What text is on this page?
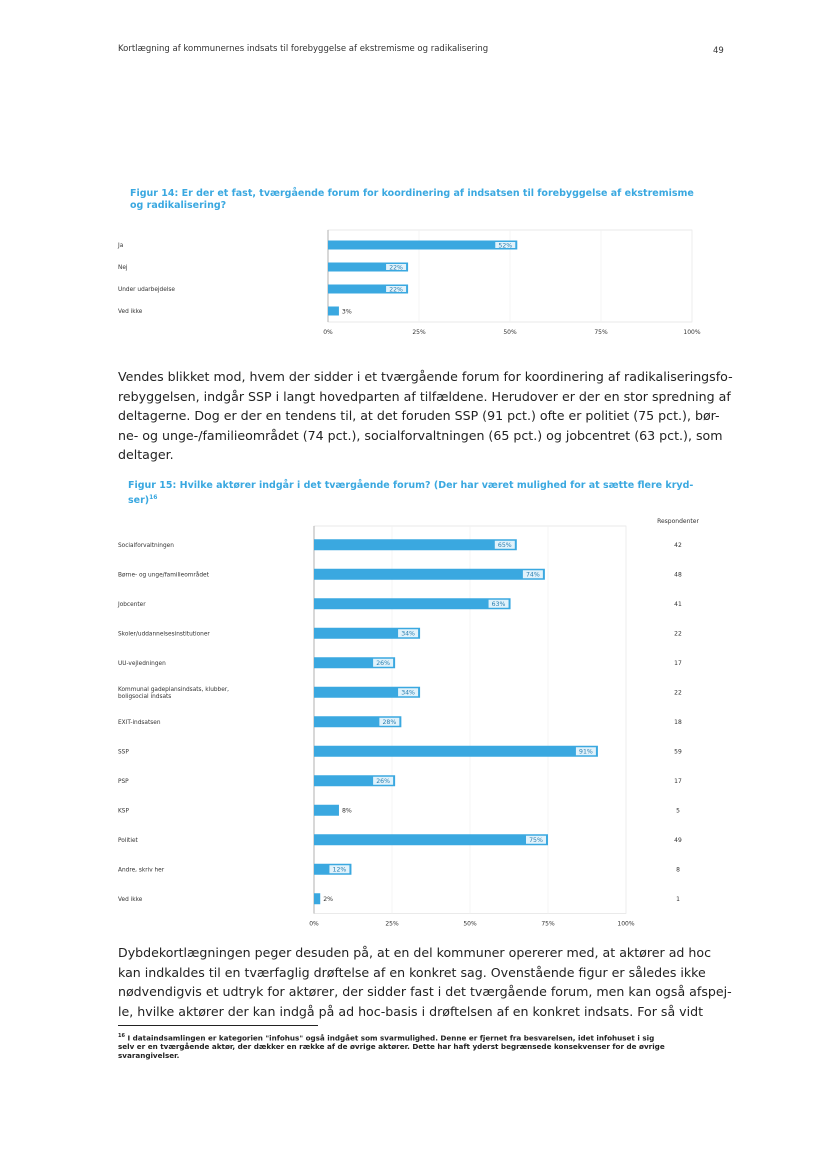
Kortlægning af kommunernes indsats til forebyggelse af ekstremisme og radikalisering	49
Figur 14: Er der et fast, tværgående forum for koordinering af indsatsen til forebyggelse af ekstremisme
og radikalisering?
0%	25%	50%	75%	100%
Ja	52%
Nej	22%
Under udarbejdelse	22%
Ved ikke	3%
Vendes blikket mod, hvem der sidder i et tværgående forum for koordinering af radikaliseringsfo-
rebyggelsen, indgår SSP i langt hovedparten af tilfældene. Herudover er der en stor spredning af
deltagerne. Dog er der en tendens til, at det foruden SSP (91 pct.) ofte er politiet (75 pct.), bør-
ne- og unge-/familieområdet (74 pct.), socialforvaltningen (65 pct.) og jobcentret (63 pct.), som
deltager.
Figur 15: Hvilke aktører indgår i det tværgående forum? (Der har været mulighed for at sætte flere kryd-
ser)$^{16}$
0%	25%	50%	75%	100%
Socialforvaltningen	65%	42
Børne- og unge/familieområdet	74%	48
Jobcenter	63%	41
Skoler/uddannelsesinstitutioner	34%	22
UU-vejledningen	26%	17
Kommunal gadeplansindsats, klubber,
boligsocial indsats
34%	22
EXIT-indsatsen	28%	18
SSP	91%	59
PSP	26%	17
KSP	8%	5
Politiet	75%	49
Andre, skriv her	12%	8
Ved ikke	2%	1
Respondenter
Dybdekortlægningen peger desuden på, at en del kommuner opererer med, at aktører ad hoc
kan indkaldes til en tværfaglig drøftelse af en konkret sag. Ovenstående figur er således ikke
nødvendigvis et udtryk for aktører, der sidder fast i det tværgående forum, men kan også afspej-
le, hvilke aktører der kan indgå på ad hoc-basis i drøftelsen af en konkret indsats. For så vidt
$^{16}$ I dataindsamlingen er kategorien "infohus" også indgået som svarmulighed. Denne er fjernet fra besvarelsen, idet infohuset i sig
selv er en tværgående aktør, der dækker en række af de øvrige aktører. Dette har haft yderst begrænsede konsekvenser for de øvrige
svarangivelser.
